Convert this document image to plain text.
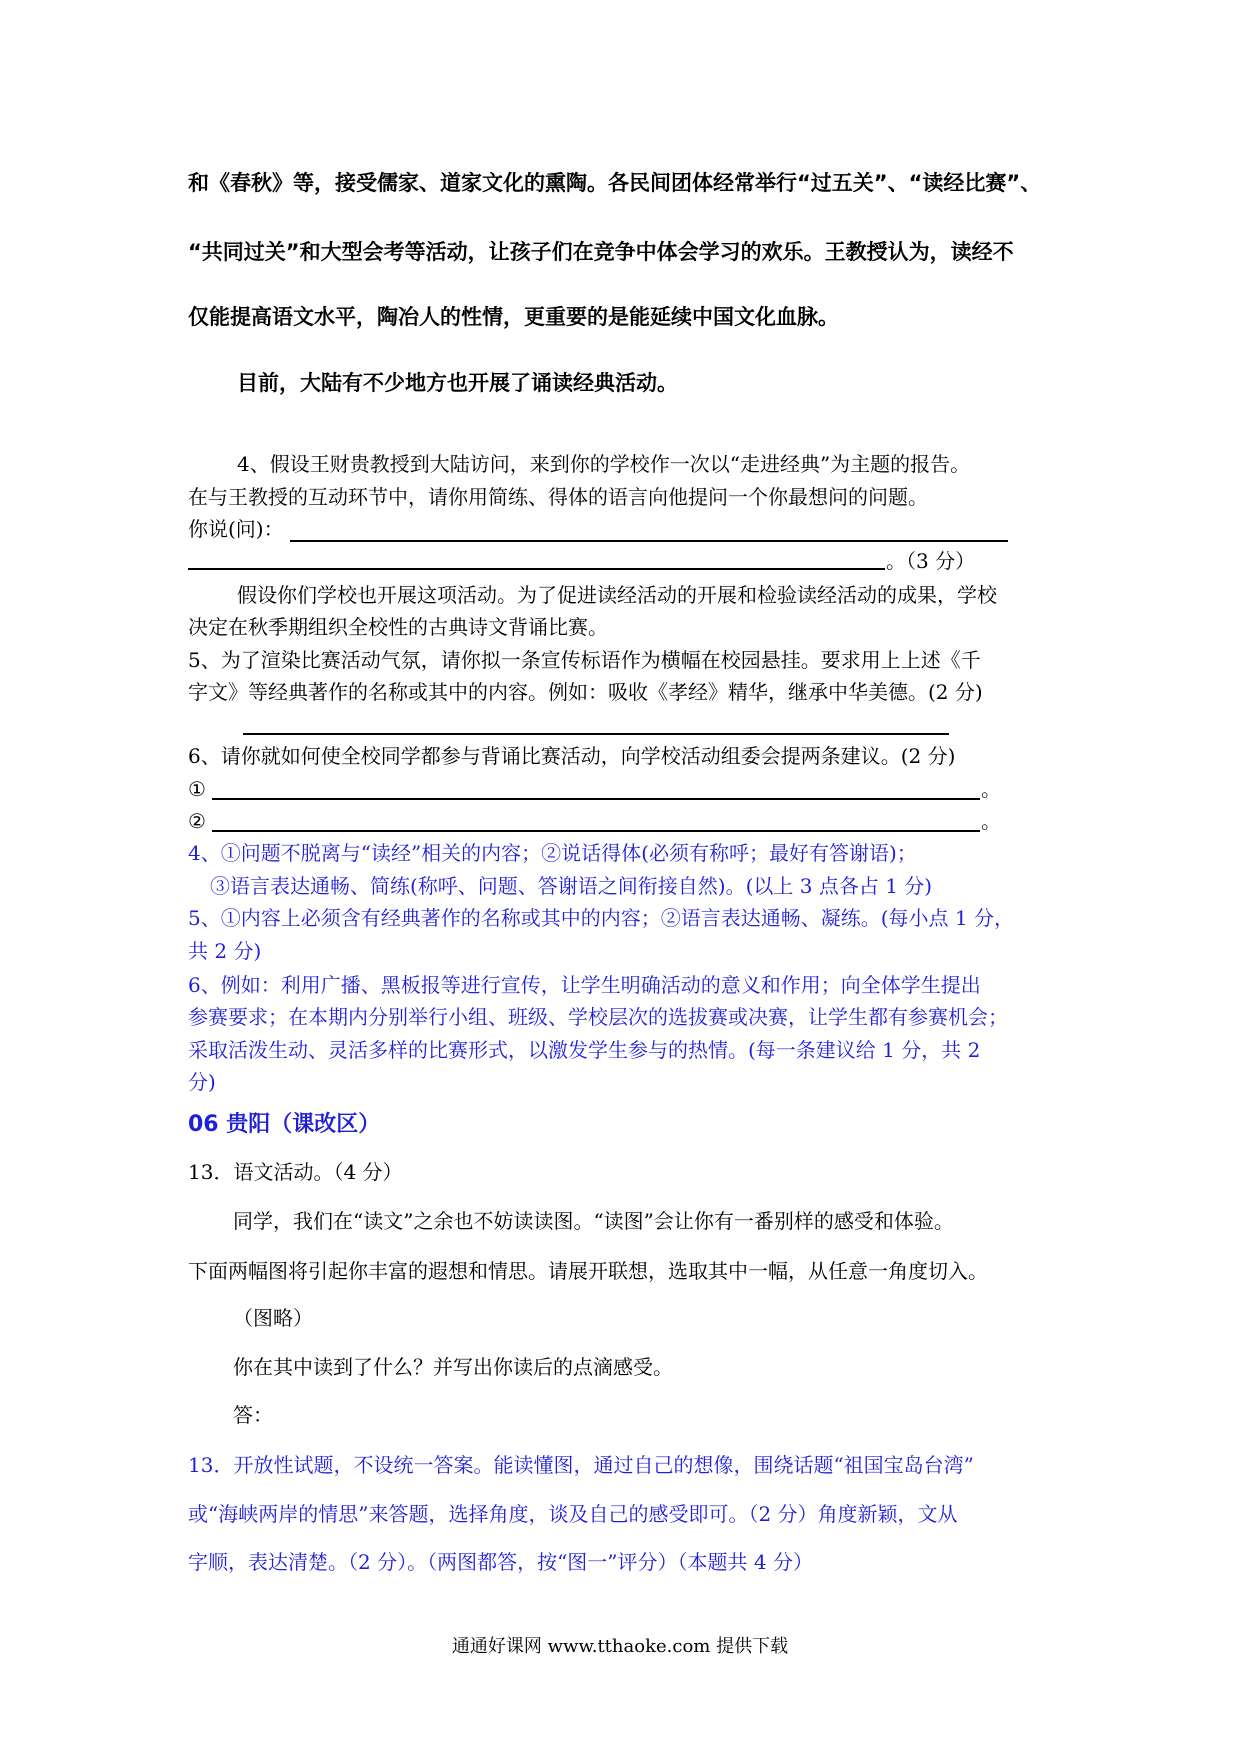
和《春秋》等，接受儒家、道家文化的熏陶。各民间团体经常举行“过五关”、“读经比赛”、
“共同过关”和大型会考等活动，让孩子们在竞争中体会学习的欢乐。王教授认为，读经不
仅能提高语文水平，陶冶人的性情，更重要的是能延续中国文化血脉。
目前，大陆有不少地方也开展了诵读经典活动。
4、假设王财贵教授到大陆访问，来到你的学校作一次以“走进经典”为主题的报告。
在与王教授的互动环节中，请你用简练、得体的语言向他提问一个你最想问的问题。
你说(问)：
。（3 分）
假设你们学校也开展这项活动。为了促进读经活动的开展和检验读经活动的成果，学校
决定在秋季期组织全校性的古典诗文背诵比赛。
5、为了渲染比赛活动气氛，请你拟一条宣传标语作为横幅在校园悬挂。要求用上上述《千
字文》等经典著作的名称或其中的内容。例如：吸收《孝经》精华，继承中华美德。(2 分)
6、请你就如何使全校同学都参与背诵比赛活动，向学校活动组委会提两条建议。(2 分)
①	。
②	。
4、①问题不脱离与“读经”相关的内容；②说话得体(必须有称呼；最好有答谢语)；
③语言表达通畅、简练(称呼、问题、答谢语之间衔接自然)。(以上 3 点各占 1 分)
5、①内容上必须含有经典著作的名称或其中的内容；②语言表达通畅、凝练。(每小点 1 分，
共 2 分)
6、例如：利用广播、黑板报等进行宣传，让学生明确活动的意义和作用；向全体学生提出
参赛要求；在本期内分别举行小组、班级、学校层次的选拔赛或决赛，让学生都有参赛机会；
采取活泼生动、灵活多样的比赛形式，以激发学生参与的热情。(每一条建议给 1 分，共 2
分)
06 贵阳（课改区）
13．语文活动。（4 分）
同学，我们在“读文”之余也不妨读读图。“读图”会让你有一番别样的感受和体验。
下面两幅图将引起你丰富的遐想和情思。请展开联想，选取其中一幅，从任意一角度切入。
（图略）
你在其中读到了什么？并写出你读后的点滴感受。
答：
13．开放性试题，不设统一答案。能读懂图，通过自己的想像，围绕话题“祖国宝岛台湾”
或“海峡两岸的情思”来答题，选择角度，谈及自己的感受即可。（2 分）角度新颖，文从
字顺，表达清楚。（2 分）。（两图都答，按“图一”评分）（本题共 4 分）
通通好课网 www.tthaoke.com 提供下载
